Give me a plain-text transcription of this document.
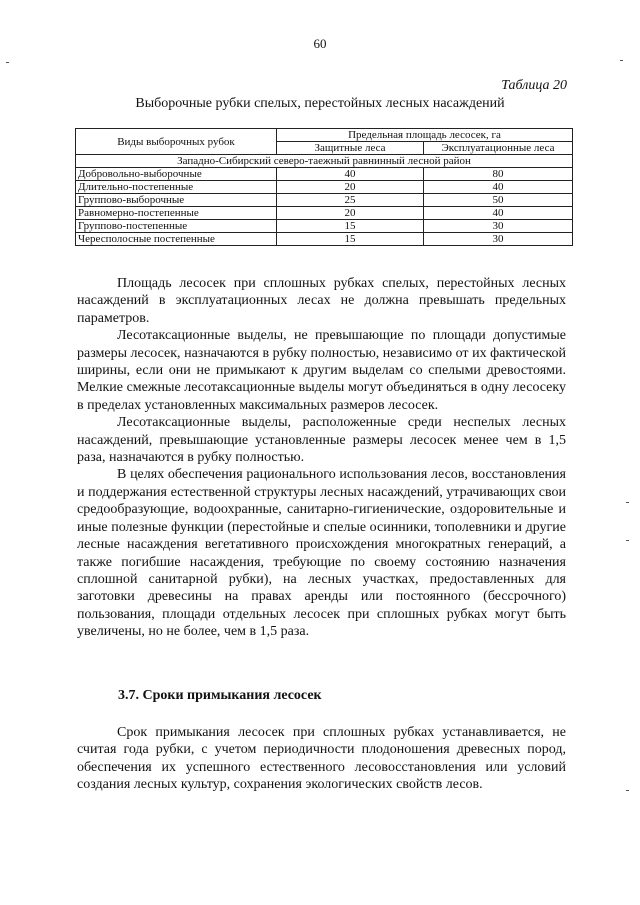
60
Таблица 20
Выборочные рубки спелых, перестойных лесных насаждений
Виды выборочных рубок	Предельная площадь лесосек, га	
	Защитные леса	Эксплуатационные леса
Западно-Сибирский северо-таежный равнинный лесной район		
Добровольно-выборочные	40	80
Длительно-постепенные	20	40
Группово-выборочные	25	50
Равномерно-постепенные	20	40
Группово-постепенные	15	30
Чересполосные постепенные	15	30

Площадь лесосек при сплошных рубках спелых, перестойных лесных насаждений в эксплуатационных лесах не должна превышать предельных параметров.

Лесотаксационные выделы, не превышающие по площади допустимые размеры лесосек, назначаются в рубку полностью, независимо от их фактической ширины, если они не примыкают к другим выделам со спелыми древостоями. Мелкие смежные лесотаксационные выделы могут объединяться в одну лесосеку в пределах установленных максимальных размеров лесосек.

Лесотаксационные выделы, расположенные среди неспелых лесных насаждений, превышающие установленные размеры лесосек менее чем в 1,5 раза, назначаются в рубку полностью.

В целях обеспечения рационального использования лесов, восстановления и поддержания естественной структуры лесных насаждений, утрачивающих свои средообразующие, водоохранные, санитарно-гигиенические, оздоровительные и иные полезные функции (перестойные и спелые осинники, тополевники и другие лесные насаждения вегетативного происхождения многократных генераций, а также погибшие насаждения, требующие по своему состоянию назначения сплошной санитарной рубки), на лесных участках, предоставленных для заготовки древесины на правах аренды или постоянного (бессрочного) пользования, площади отдельных лесосек при сплошных рубках могут быть увеличены, но не более, чем в 1,5 раза.

3.7. Сроки примыкания лесосек

Срок примыкания лесосек при сплошных рубках устанавливается, не считая года рубки, с учетом периодичности плодоношения древесных пород, обеспечения их успешного естественного лесовосстановления или условий создания лесных культур, сохранения экологических свойств лесов.
